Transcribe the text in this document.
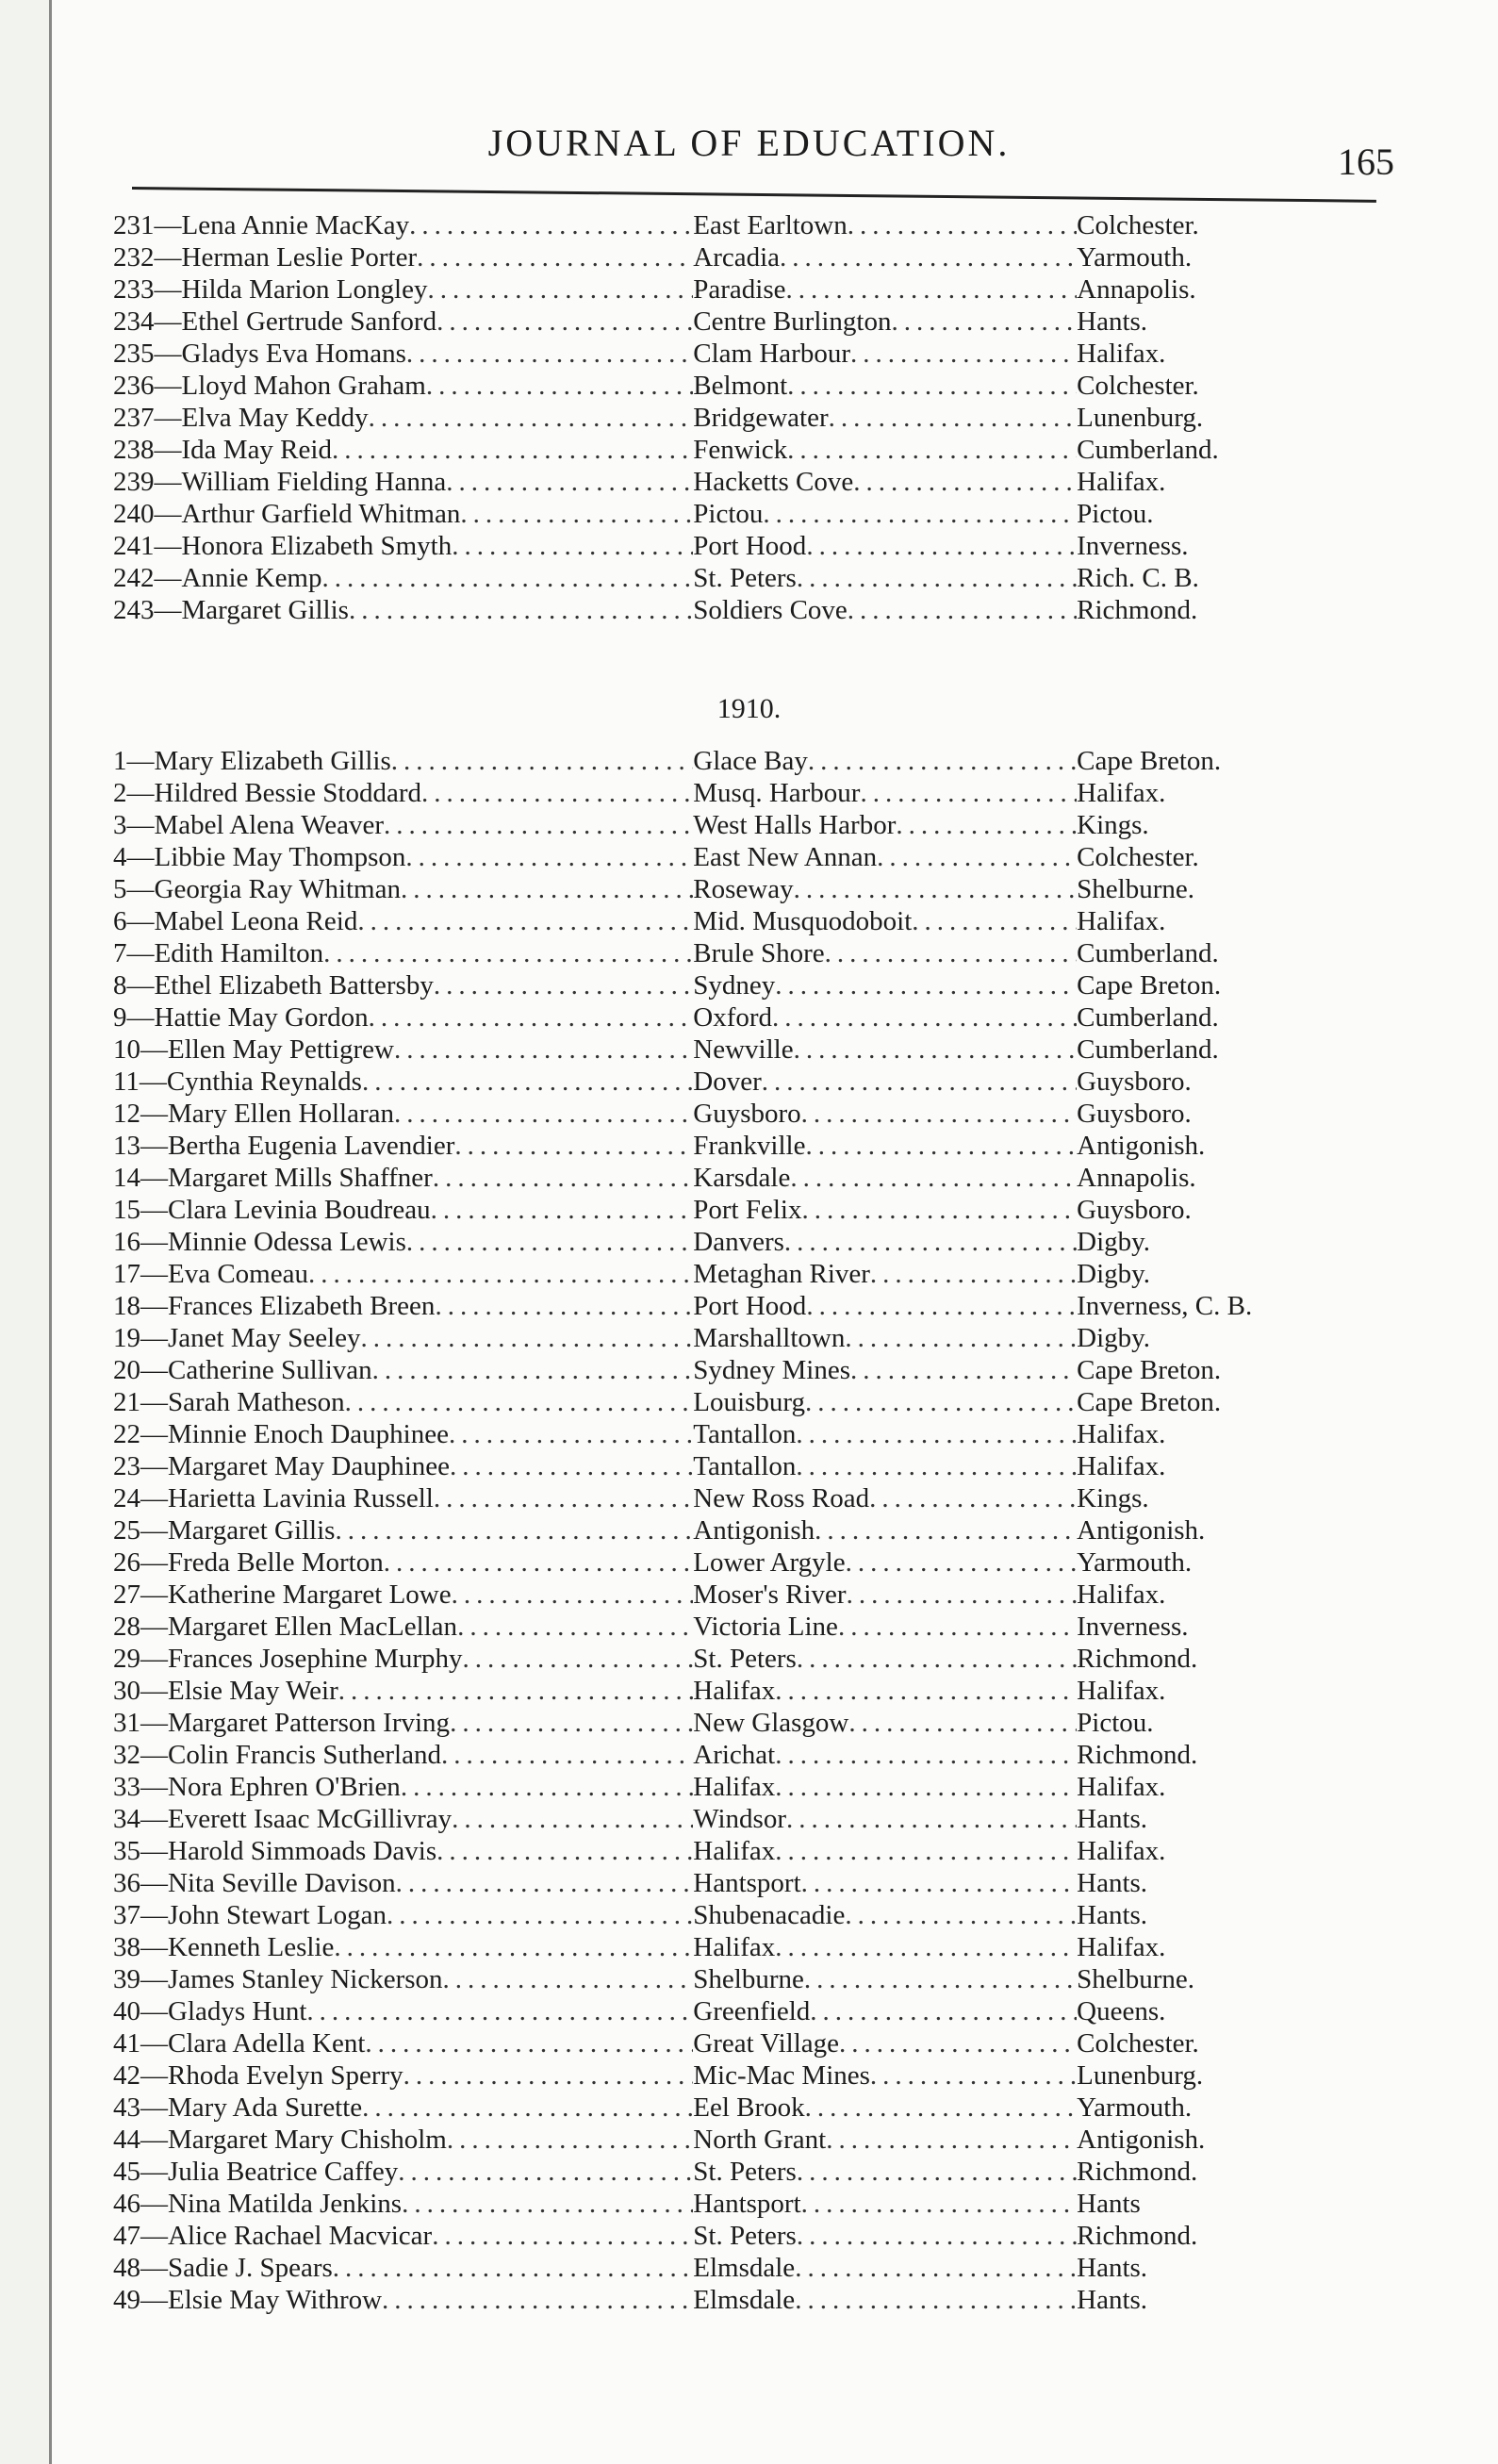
JOURNAL OF EDUCATION.	165
231—Lena Annie MacKay .....	East Earltown .....	Colchester.
232—Herman Leslie Porter .....	Arcadia .....	Yarmouth.
233—Hilda Marion Longley .....	Paradise .....	Annapolis.
234—Ethel Gertrude Sanford .....	Centre Burlington .....	Hants.
235—Gladys Eva Homans .....	Clam Harbour .....	Halifax.
236—Lloyd Mahon Graham .....	Belmont .....	Colchester.
237—Elva May Keddy .....	Bridgewater .....	Lunenburg.
238—Ida May Reid .....	Fenwick .....	Cumberland.
239—William Fielding Hanna .....	Hacketts Cove .....	Halifax.
240—Arthur Garfield Whitman .....	Pictou .....	Pictou.
241—Honora Elizabeth Smyth .....	Port Hood .....	Inverness.
242—Annie Kemp .....	St. Peters .....	Rich. C. B.
243—Margaret Gillis .....	Soldiers Cove .....	Richmond.
1910.
1—Mary Elizabeth Gillis .....	Glace Bay .....	Cape Breton.
2—Hildred Bessie Stoddard .....	Musq. Harbour .....	Halifax.
3—Mabel Alena Weaver .....	West Halls Harbor .....	Kings.
4—Libbie May Thompson .....	East New Annan .....	Colchester.
5—Georgia Ray Whitman .....	Roseway .....	Shelburne.
6—Mabel Leona Reid .....	Mid. Musquodoboit .....	Halifax.
7—Edith Hamilton .....	Brule Shore .....	Cumberland.
8—Ethel Elizabeth Battersby .....	Sydney .....	Cape Breton.
9—Hattie May Gordon .....	Oxford .....	Cumberland.
10—Ellen May Pettigrew .....	Newville .....	Cumberland.
11—Cynthia Reynalds .....	Dover .....	Guysboro.
12—Mary Ellen Hollaran .....	Guysboro .....	Guysboro.
13—Bertha Eugenia Lavendier .....	Frankville .....	Antigonish.
14—Margaret Mills Shaffner .....	Karsdale .....	Annapolis.
15—Clara Levinia Boudreau .....	Port Felix .....	Guysboro.
16—Minnie Odessa Lewis .....	Danvers .....	Digby.
17—Eva Comeau .....	Metaghan River .....	Digby.
18—Frances Elizabeth Breen .....	Port Hood .....	Inverness, C. B.
19—Janet May Seeley .....	Marshalltown .....	Digby.
20—Catherine Sullivan .....	Sydney Mines .....	Cape Breton.
21—Sarah Matheson .....	Louisburg .....	Cape Breton.
22—Minnie Enoch Dauphinee .....	Tantallon .....	Halifax.
23—Margaret May Dauphinee .....	Tantallon .....	Halifax.
24—Harietta Lavinia Russell .....	New Ross Road .....	Kings.
25—Margaret Gillis .....	Antigonish .....	Antigonish.
26—Freda Belle Morton .....	Lower Argyle .....	Yarmouth.
27—Katherine Margaret Lowe .....	Moser's River .....	Halifax.
28—Margaret Ellen MacLellan .....	Victoria Line .....	Inverness.
29—Frances Josephine Murphy .....	St. Peters .....	Richmond.
30—Elsie May Weir .....	Halifax .....	Halifax.
31—Margaret Patterson Irving .....	New Glasgow .....	Pictou.
32—Colin Francis Sutherland .....	Arichat .....	Richmond.
33—Nora Ephren O'Brien .....	Halifax .....	Halifax.
34—Everett Isaac McGillivray .....	Windsor .....	Hants.
35—Harold Simmoads Davis .....	Halifax .....	Halifax.
36—Nita Seville Davison .....	Hantsport .....	Hants.
37—John Stewart Logan .....	Shubenacadie .....	Hants.
38—Kenneth Leslie .....	Halifax .....	Halifax.
39—James Stanley Nickerson .....	Shelburne .....	Shelburne.
40—Gladys Hunt .....	Greenfield .....	Queens.
41—Clara Adella Kent .....	Great Village .....	Colchester.
42—Rhoda Evelyn Sperry .....	Mic-Mac Mines .....	Lunenburg.
43—Mary Ada Surette .....	Eel Brook .....	Yarmouth.
44—Margaret Mary Chisholm .....	North Grant .....	Antigonish.
45—Julia Beatrice Caffey .....	St. Peters .....	Richmond.
46—Nina Matilda Jenkins .....	Hantsport .....	Hants
47—Alice Rachael Macvicar .....	St. Peters .....	Richmond.
48—Sadie J. Spears .....	Elmsdale .....	Hants.
49—Elsie May Withrow .....	Elmsdale .....	Hants.
